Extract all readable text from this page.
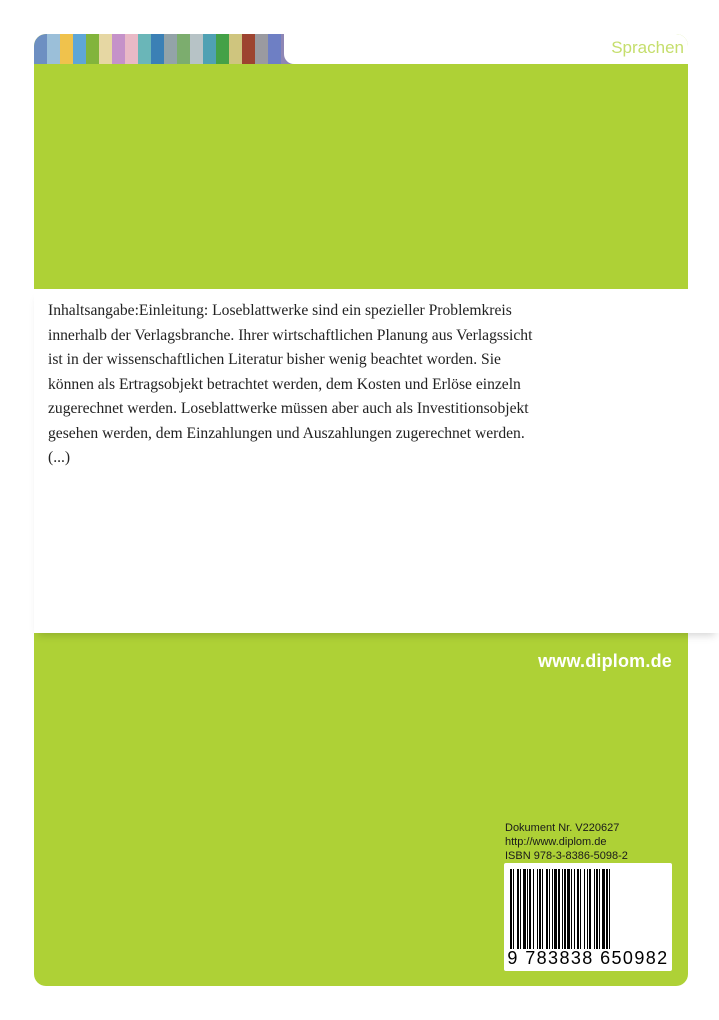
Sprachen
www.diplom.de
Dokument Nr. V220627
http://www.diplom.de
ISBN 978-3-8386-5098-2
9 783838 650982
Inhaltsangabe:Einleitung: Loseblattwerke sind ein spezieller Problemkreis
innerhalb der Verlagsbranche. Ihrer wirtschaftlichen Planung aus Verlagssicht
ist in der wissenschaftlichen Literatur bisher wenig beachtet worden. Sie
können als Ertragsobjekt betrachtet werden, dem Kosten und Erlöse einzeln
zugerechnet werden. Loseblattwerke müssen aber auch als Investitionsobjekt
gesehen werden, dem Einzahlungen und Auszahlungen zugerechnet werden.
(...)
